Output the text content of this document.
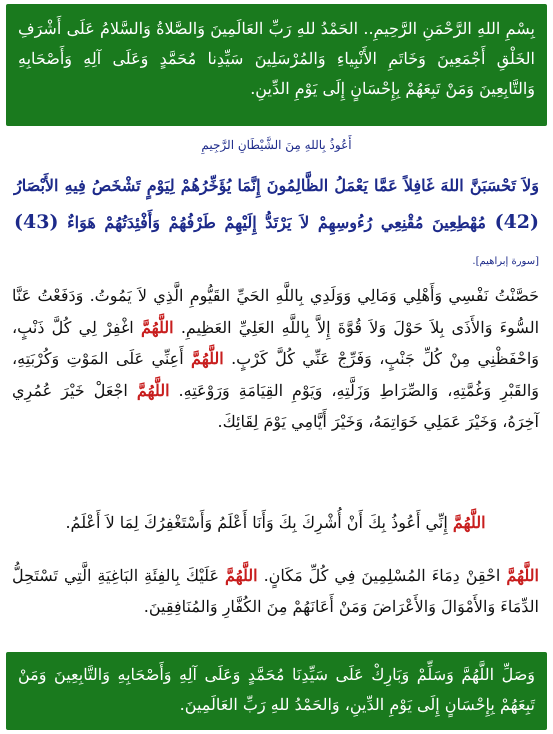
بِسْمِ اللهِ الرَّحْمَنِ الرَّحِيمِ.. الحَمْدُ للهِ رَبِّ العَالَمِينَ وَالصَّلاةُ وَالسَّلامُ عَلَى أَشْرَفِ الخَلْقِ أَجْمَعِينَ وَخَاتَمِ الأَنْبِياءِ وَالمُرْسَلِينَ سَيِّدِنا مُحَمَّدٍ وَعَلَى آلِهِ وَأَصْحَابِهِ وَالتَّابِعِينَ وَمَنْ تَبِعَهُمْ بِإِحْسَانٍ إِلَى يَوْمِ الدِّينِ.
أَعُوذُ بِاللهِ مِنَ الشَّيْطَانِ الرَّجِيمِ
وَلاَ تَحْسَبَنَّ اللهَ غَافِلاً عَمَّا يَعْمَلُ الظَّالِمُونَ إِنَّمَا يُؤَخِّرُهُمْ لِيَوْمٍ تَشْخَصُ فِيهِ الأَبْصَارُ (42) مُهْطِعِينَ مُقْنِعِي رُءُوسِهِمْ لاَ يَرْتَدُّ إِلَيْهِمْ طَرْفُهُمْ وَأَفْئِدَتُهُمْ هَوَاءٌ (43) [سورة إبراهيم].
حَصَّنْتُ نَفْسِي وَأَهْلِي وَمَالِي وَوَلَدِي بِاللَّهِ الحَيِّ القَيُّومِ الَّذِي لاَ يَمُوتُ. وَدَفَعْتُ عَنَّا السُّوءَ وَالأَذَى بِلاَ حَوْلَ وَلاَ قُوَّةَ إِلاَّ بِاللَّهِ العَلِيِّ العَظِيمِ. اللَّهُمَّ اغْفِرْ لِي كُلَّ ذَنْبٍ، وَاحْفَظْنِي مِنْ كُلِّ جَنْبٍ، وَفَرِّجْ عَنِّي كُلَّ كَرْبٍ. اللَّهُمَّ أَعِنِّي عَلَى المَوْتِ وَكُرْبَتِهِ، وَالقَبْرِ وَغُمَّتِهِ، وَالصِّرَاطِ وَزَلَّتِهِ، وَيَوْمِ القِيَامَةِ وَرَوْعَتِهِ. اللَّهُمَّ اجْعَلْ خَيْرَ عُمُرِي آخِرَهُ، وَخَيْرَ عَمَلِي خَوَاتِمَهُ، وَخَيْرَ أَيَّامِي يَوْمَ لِقَائِكَ.
اللَّهُمَّ إِنِّي أَعُوذُ بِكَ أَنْ أُشْرِكَ بِكَ وَأَنَا أَعْلَمُ وَأَسْتَغْفِرُكَ لِمَا لاَ أَعْلَمُ.
اللَّهُمَّ احْقِنْ دِمَاءَ المُسْلِمِينَ فِي كُلِّ مَكَانٍ. اللَّهُمَّ عَلَيْكَ بِالفِئَةِ البَاغِيَةِ الَّتِي تَسْتَحِلُّ الدِّمَاءَ وَالأَمْوَالَ وَالأَعْرَاضَ وَمَنْ أَعَانَهُمْ مِنَ الكُفَّارِ وَالمُنَافِقِينَ.
وَصَلِّ اللَّهُمَّ وَسَلِّمْ وَبَارِكْ عَلَى سَيِّدِنَا مُحَمَّدٍ وَعَلَى آلِهِ وَأَصْحَابِهِ وَالتَّابِعِينَ وَمَنْ تَبِعَهُمْ بِإِحْسَانٍ إِلَى يَوْمِ الدِّينِ، وَالحَمْدُ للهِ رَبِّ العَالَمِينَ.
